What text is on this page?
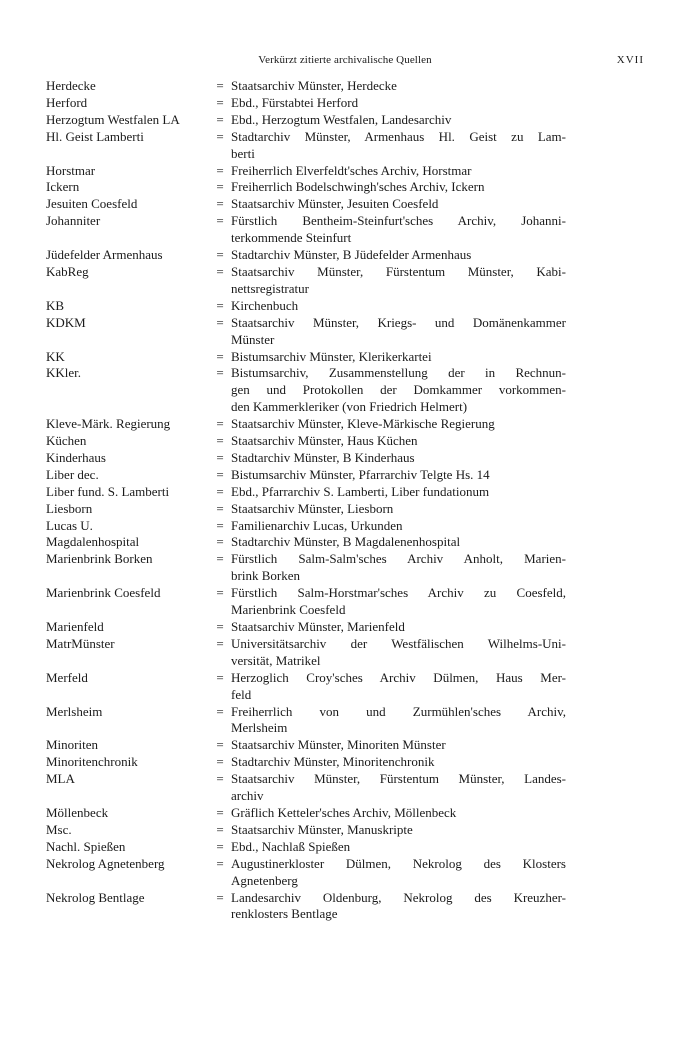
Verkürzt zitierte archivalische Quellen	XVII
Herdecke	= Staatsarchiv Münster, Herdecke
Herford	= Ebd., Fürstabtei Herford
Herzogtum Westfalen LA	= Ebd., Herzogtum Westfalen, Landesarchiv
Hl. Geist Lamberti	= Stadtarchiv Münster, Armenhaus Hl. Geist zu Lam-
berti
Horstmar	= Freiherrlich Elverfeldt'sches Archiv, Horstmar
Ickern	= Freiherrlich Bodelschwingh'sches Archiv, Ickern
Jesuiten Coesfeld	= Staatsarchiv Münster, Jesuiten Coesfeld
Johanniter	= Fürstlich Bentheim-Steinfurt'sches Archiv, Johanni-
terkommende Steinfurt
Jüdefelder Armenhaus	= Stadtarchiv Münster, B Jüdefelder Armenhaus
KabReg	= Staatsarchiv Münster, Fürstentum Münster, Kabi-
nettsregistratur
KB	= Kirchenbuch
KDKM	= Staatsarchiv Münster, Kriegs- und Domänenkammer
Münster
KK	= Bistumsarchiv Münster, Klerikerkartei
KKler.	= Bistumsarchiv, Zusammenstellung der in Rechnun-
gen und Protokollen der Domkammer vorkommen-
den Kammerkleriker (von Friedrich Helmert)
Kleve-Märk. Regierung	= Staatsarchiv Münster, Kleve-Märkische Regierung
Küchen	= Staatsarchiv Münster, Haus Küchen
Kinderhaus	= Stadtarchiv Münster, B Kinderhaus
Liber dec.	= Bistumsarchiv Münster, Pfarrarchiv Telgte Hs. 14
Liber fund. S. Lamberti	= Ebd., Pfarrarchiv S. Lamberti, Liber fundationum
Liesborn	= Staatsarchiv Münster, Liesborn
Lucas U.	= Familienarchiv Lucas, Urkunden
Magdalenhospital	= Stadtarchiv Münster, B Magdalenenhospital
Marienbrink Borken	= Fürstlich Salm-Salm'sches Archiv Anholt, Marien-
brink Borken
Marienbrink Coesfeld	= Fürstlich Salm-Horstmar'sches Archiv zu Coesfeld,
Marienbrink Coesfeld
Marienfeld	= Staatsarchiv Münster, Marienfeld
MatrMünster	= Universitätsarchiv der Westfälischen Wilhelms-Uni-
versität, Matrikel
Merfeld	= Herzoglich Croy'sches Archiv Dülmen, Haus Mer-
feld
Merlsheim	= Freiherrlich von und Zurmühlen'sches Archiv,
Merlsheim
Minoriten	= Staatsarchiv Münster, Minoriten Münster
Minoritenchronik	= Stadtarchiv Münster, Minoritenchronik
MLA	= Staatsarchiv Münster, Fürstentum Münster, Landes-
archiv
Möllenbeck	= Gräflich Ketteler'sches Archiv, Möllenbeck
Msc.	= Staatsarchiv Münster, Manuskripte
Nachl. Spießen	= Ebd., Nachlaß Spießen
Nekrolog Agnetenberg	= Augustinerkloster Dülmen, Nekrolog des Klosters
Agnetenberg
Nekrolog Bentlage	= Landesarchiv Oldenburg, Nekrolog des Kreuzher-
renklosters Bentlage
